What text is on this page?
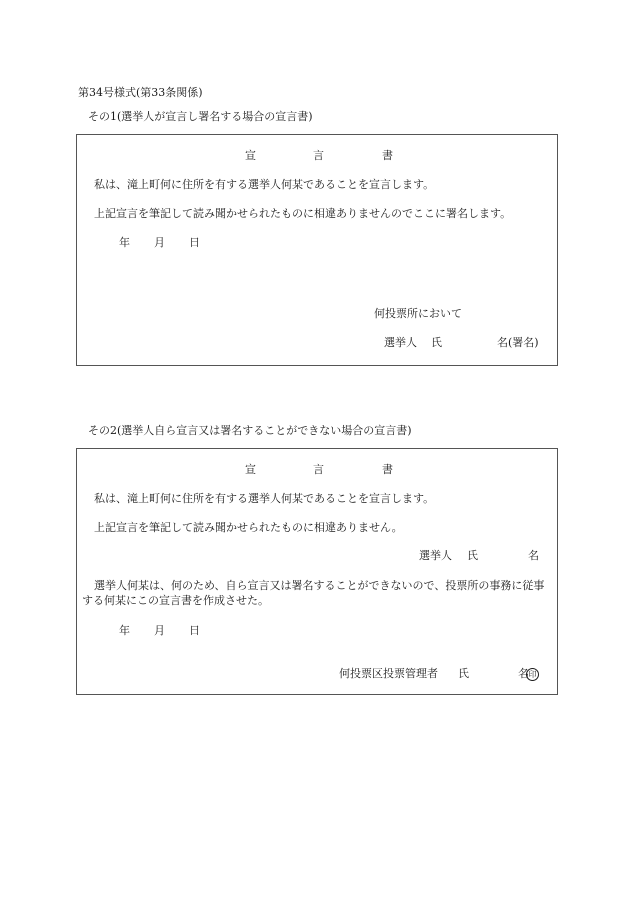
第34号様式(第33条関係)
その1(選挙人が宣言し署名する場合の宣言書)
宣	言	書
私は、滝上町何に住所を有する選挙人何某であることを宣言します。
上記宣言を筆記して読み聞かせられたものに相違ありませんのでここに署名します。
年 月 日
何投票所において
選挙人 氏	名(署名)
その2(選挙人自ら宣言又は署名することができない場合の宣言書)
宣	言	書
私は、滝上町何に住所を有する選挙人何某であることを宣言します。
上記宣言を筆記して読み聞かせられたものに相違ありません。
選挙人 氏	名
選挙人何某は、何のため、自ら宣言又は署名することができないので、投票所の事務に従事する何某にこの宣言書を作成させた。
年 月 日
何投票区投票管理者 氏	名印
